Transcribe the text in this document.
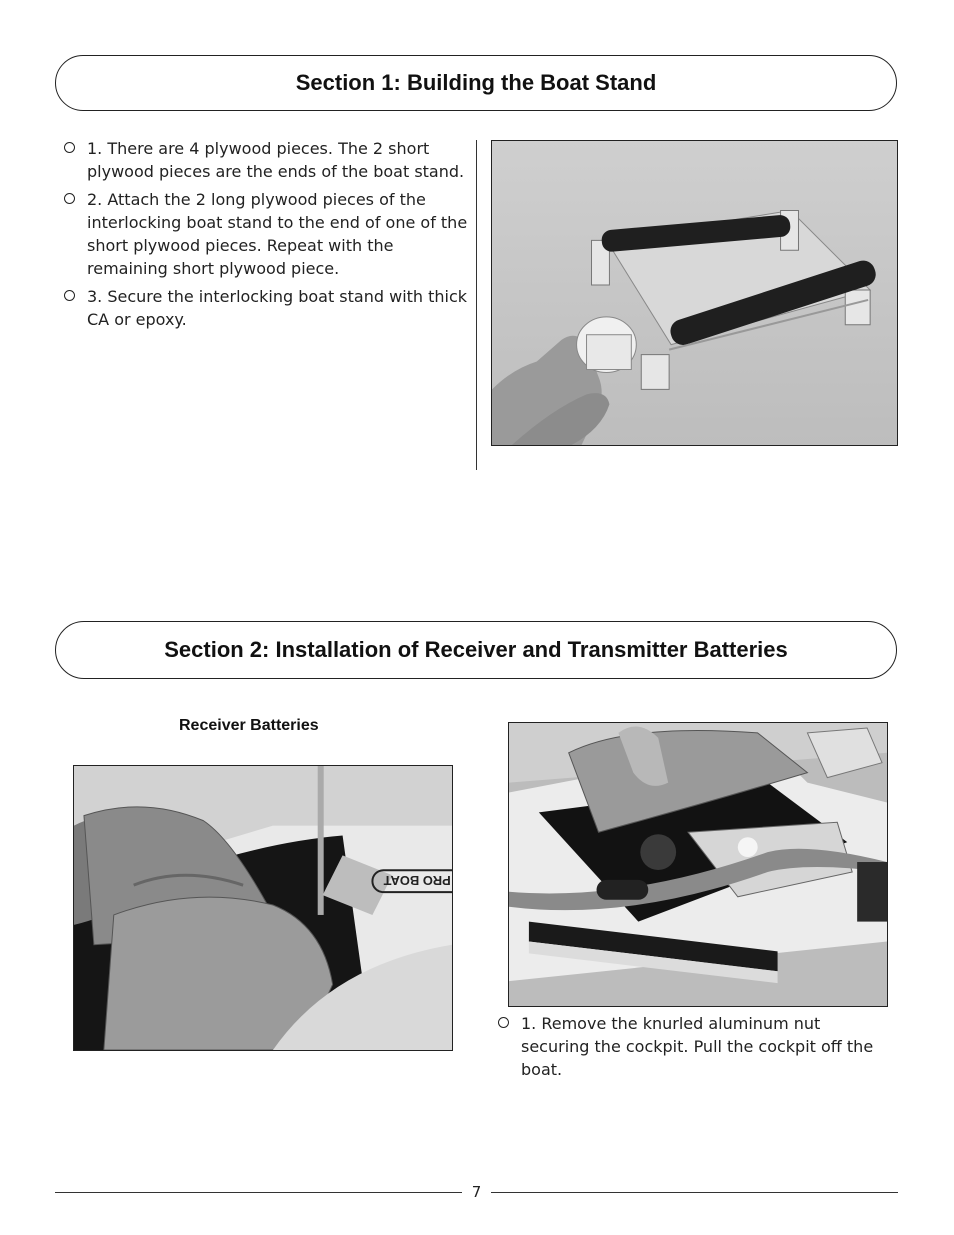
Section 1: Building the Boat Stand
1. There are 4 plywood pieces. The 2 short plywood pieces are the ends of the boat stand.
2. Attach the 2 long plywood pieces of the interlocking boat stand to the end of one of the short plywood pieces. Repeat with the remaining short plywood piece.
3. Secure the interlocking boat stand with thick CA or epoxy.
Section 2: Installation of Receiver and Transmitter Batteries
Receiver Batteries
PRO BOAT
1. Remove the knurled aluminum nut securing the cockpit. Pull the cockpit off the boat.
7
